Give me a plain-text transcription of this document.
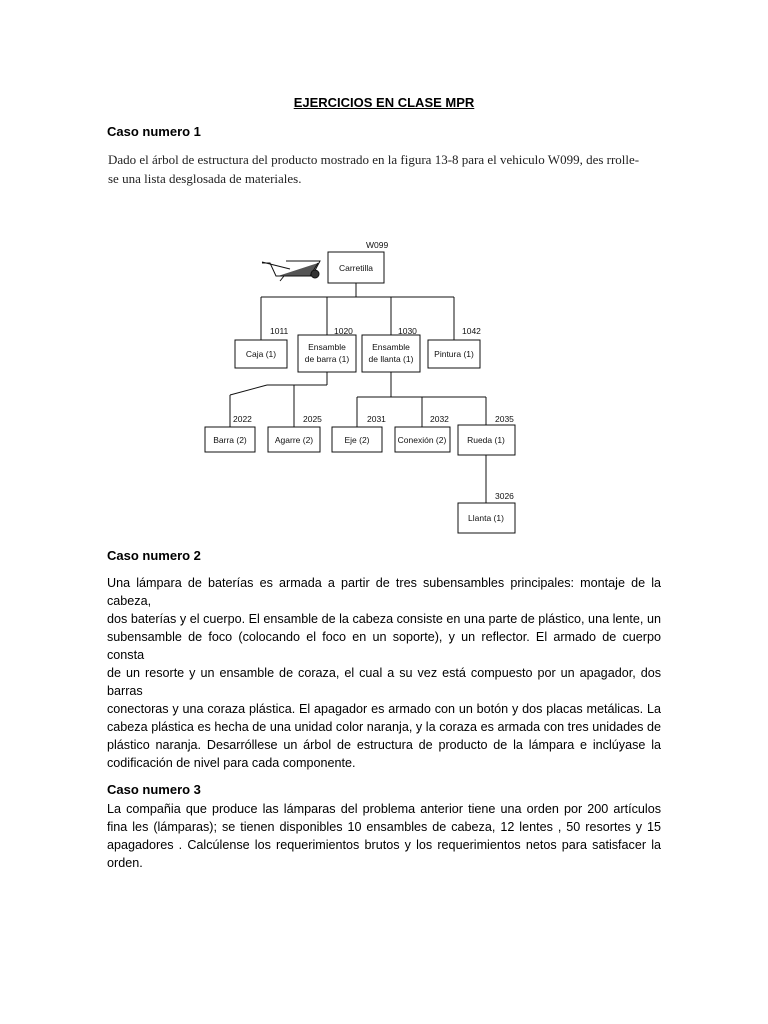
EJERCICIOS EN CLASE MPR
Caso numero 1
Dado el árbol de estructura del producto mostrado en la figura 13-8 para el vehiculo W099, des rrolle-
se una lista desglosada de materiales.
W099
1011	1020	1030	1042
2022	2025	2031	2032	2035
3026
Carretilla
Caja (1)
Ensamble
de barra (1)
Ensamble
de llanta (1) Pintura (1)
Barra (2)	Agarre (2)	Eje (2)	Conexión (2) Rueda (1)
Llanta (1)
Caso numero 2
Una lámpara de baterías es armada a partir de tres subensambles principales: montaje de la
cabeza,
dos baterías y el cuerpo. El ensamble de la cabeza consiste en una parte de plástico, una lente, un
subensamble de foco (colocando el foco en un soporte), y un reflector. El armado de cuerpo
consta
de un resorte y un ensamble de coraza, el cual a su vez está compuesto por un apagador, dos
barras
conectoras y una coraza plástica. El apagador es armado con un botón y dos placas metálicas. La
cabeza plástica es hecha de una unidad color naranja, y la coraza es armada con tres unidades de
plástico naranja. Desarróllese un árbol de estructura de producto de la lámpara e inclúyase la
codificación de nivel para cada componente.
Caso numero 3
La compañia que produce las lámparas del problema anterior tiene una orden por 200 artículos
fina les (lámparas); se tienen disponibles 10 ensambles de cabeza, 12 lentes , 50 resortes y 15
apagadores . Calcúlense los requerimientos brutos y los requerimientos netos para satisfacer la
orden.
